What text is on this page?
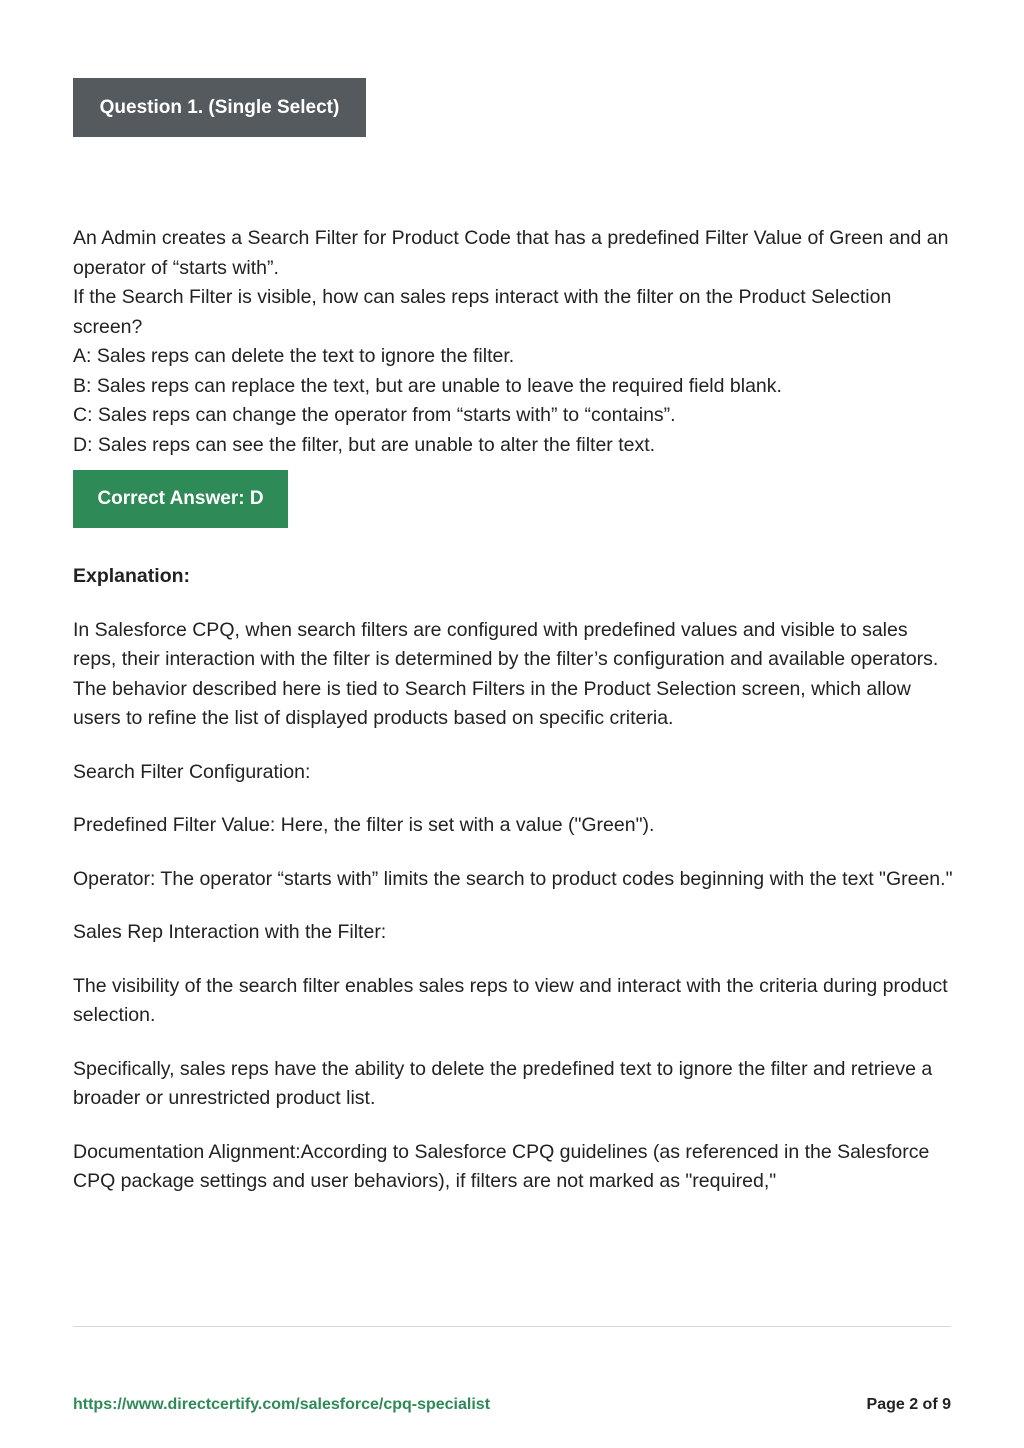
Question 1. (Single Select)

An Admin creates a Search Filter for Product Code that has a predefined Filter Value of Green and an operator of “starts with”.

If the Search Filter is visible, how can sales reps interact with the filter on the Product Selection screen?

A: Sales reps can delete the text to ignore the filter.

B: Sales reps can replace the text, but are unable to leave the required field blank.

C: Sales reps can change the operator from “starts with” to “contains”.

D: Sales reps can see the filter, but are unable to alter the filter text.

Correct Answer: D

Explanation:

In Salesforce CPQ, when search filters are configured with predefined values and visible to sales reps, their interaction with the filter is determined by the filter’s configuration and available operators. The behavior described here is tied to Search Filters in the Product Selection screen, which allow users to refine the list of displayed products based on specific criteria.

Search Filter Configuration:

Predefined Filter Value: Here, the filter is set with a value ("Green").

Operator: The operator “starts with” limits the search to product codes beginning with the text "Green."

Sales Rep Interaction with the Filter:

The visibility of the search filter enables sales reps to view and interact with the criteria during product selection.

Specifically, sales reps have the ability to delete the predefined text to ignore the filter and retrieve a broader or unrestricted product list.

Documentation Alignment:According to Salesforce CPQ guidelines (as referenced in the Salesforce CPQ package settings and user behaviors), if filters are not marked as "required,"

https://www.directcertify.com/salesforce/cpq-specialist	Page 2 of 9
